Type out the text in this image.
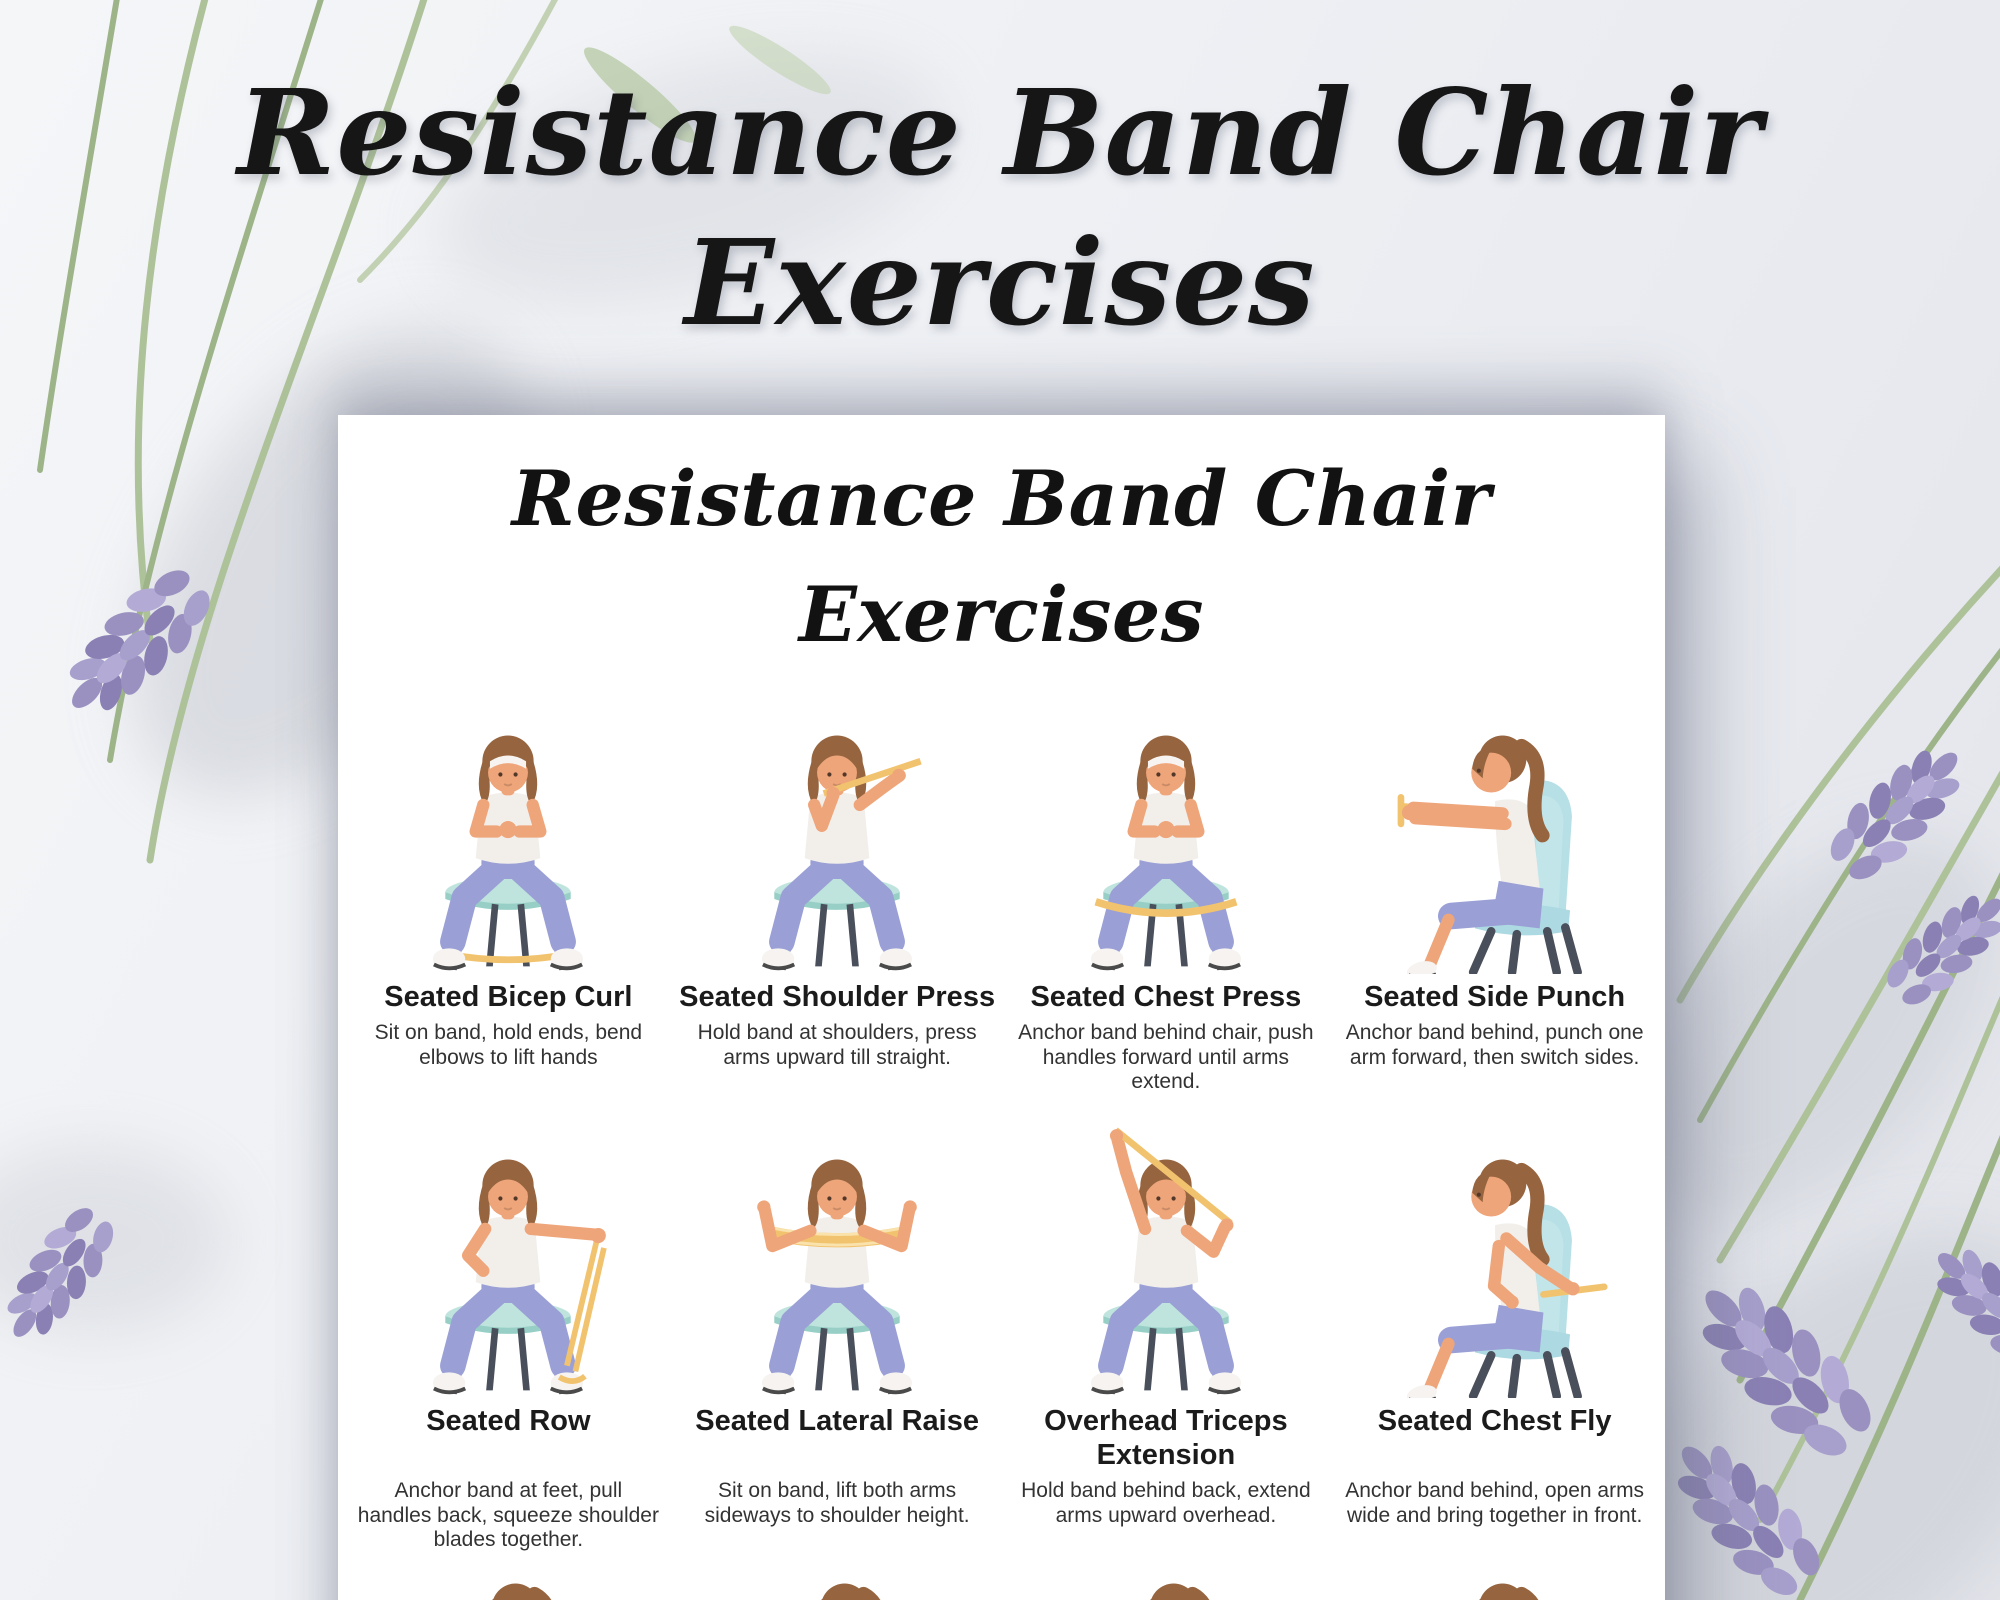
Resistance Band Chair
Exercises
Resistance Band Chair Exercises
Seated Bicep Curl
Sit on band, hold ends, bend elbows to lift hands
Seated Shoulder Press
Hold band at shoulders, press arms upward till straight.
Seated Chest Press
Anchor band behind chair, push handles forward until arms extend.
Seated Side Punch
Anchor band behind, punch one arm forward, then switch sides.
Seated Row
Anchor band at feet, pull handles back, squeeze shoulder blades together.
Seated Lateral Raise
Sit on band, lift both arms sideways to shoulder height.
Overhead Triceps Extension
Hold band behind back, extend arms upward overhead.
Seated Chest Fly
Anchor band behind, open arms wide and bring together in front.
